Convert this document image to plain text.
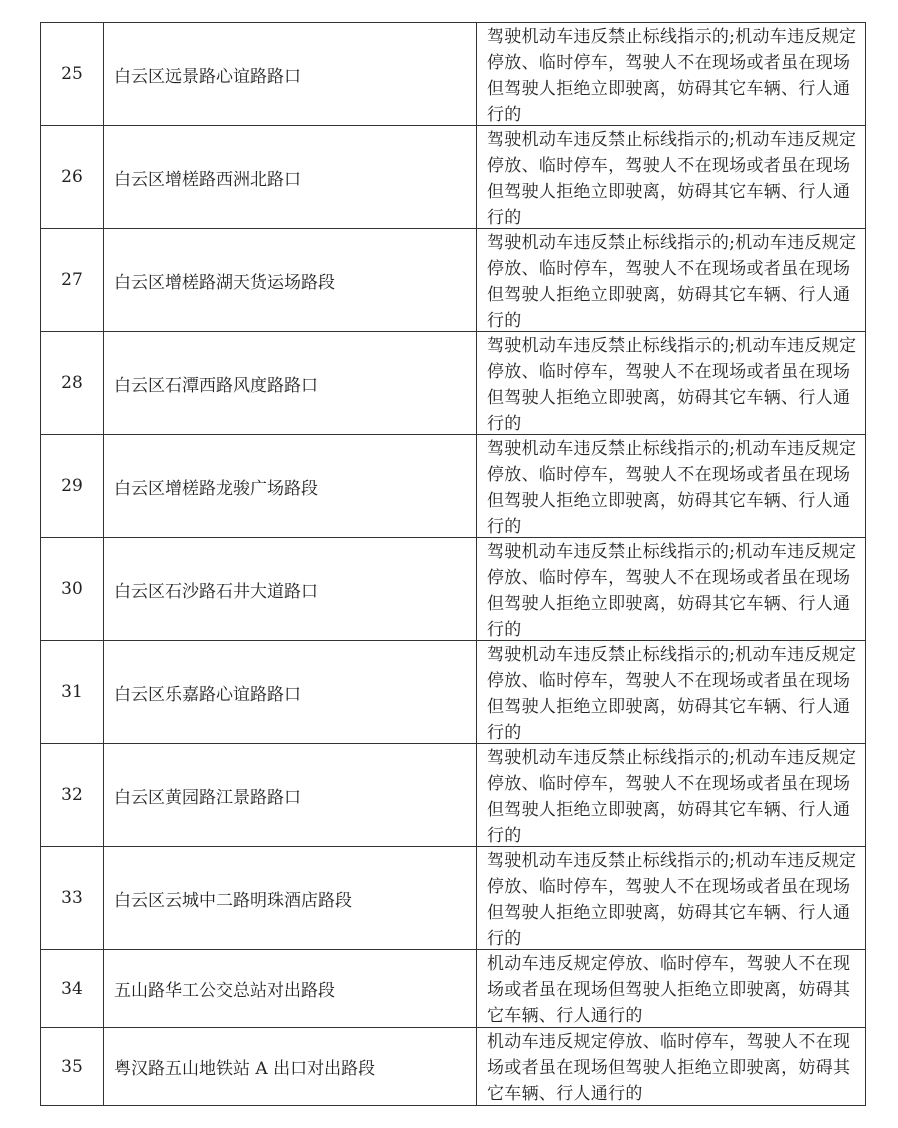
25	白云区远景路心谊路路口	驾驶机动车违反禁止标线指示的;机动车违反规定停放、临时停车，驾驶人不在现场或者虽在现场但驾驶人拒绝立即驶离，妨碍其它车辆、行人通行的

26	白云区增槎路西洲北路口	驾驶机动车违反禁止标线指示的;机动车违反规定停放、临时停车，驾驶人不在现场或者虽在现场但驾驶人拒绝立即驶离，妨碍其它车辆、行人通行的

27	白云区增槎路湖天货运场路段	驾驶机动车违反禁止标线指示的;机动车违反规定停放、临时停车，驾驶人不在现场或者虽在现场但驾驶人拒绝立即驶离，妨碍其它车辆、行人通行的

28	白云区石潭西路风度路路口	驾驶机动车违反禁止标线指示的;机动车违反规定停放、临时停车，驾驶人不在现场或者虽在现场但驾驶人拒绝立即驶离，妨碍其它车辆、行人通行的

29	白云区增槎路龙骏广场路段	驾驶机动车违反禁止标线指示的;机动车违反规定停放、临时停车，驾驶人不在现场或者虽在现场但驾驶人拒绝立即驶离，妨碍其它车辆、行人通行的

30	白云区石沙路石井大道路口	驾驶机动车违反禁止标线指示的;机动车违反规定停放、临时停车，驾驶人不在现场或者虽在现场但驾驶人拒绝立即驶离，妨碍其它车辆、行人通行的

31	白云区乐嘉路心谊路路口	驾驶机动车违反禁止标线指示的;机动车违反规定停放、临时停车，驾驶人不在现场或者虽在现场但驾驶人拒绝立即驶离，妨碍其它车辆、行人通行的

32	白云区黄园路江景路路口	驾驶机动车违反禁止标线指示的;机动车违反规定停放、临时停车，驾驶人不在现场或者虽在现场但驾驶人拒绝立即驶离，妨碍其它车辆、行人通行的

33	白云区云城中二路明珠酒店路段	驾驶机动车违反禁止标线指示的;机动车违反规定停放、临时停车，驾驶人不在现场或者虽在现场但驾驶人拒绝立即驶离，妨碍其它车辆、行人通行的

34	五山路华工公交总站对出路段	机动车违反规定停放、临时停车，驾驶人不在现场或者虽在现场但驾驶人拒绝立即驶离，妨碍其它车辆、行人通行的

35	粤汉路五山地铁站 A 出口对出路段	机动车违反规定停放、临时停车，驾驶人不在现场或者虽在现场但驾驶人拒绝立即驶离，妨碍其它车辆、行人通行的
